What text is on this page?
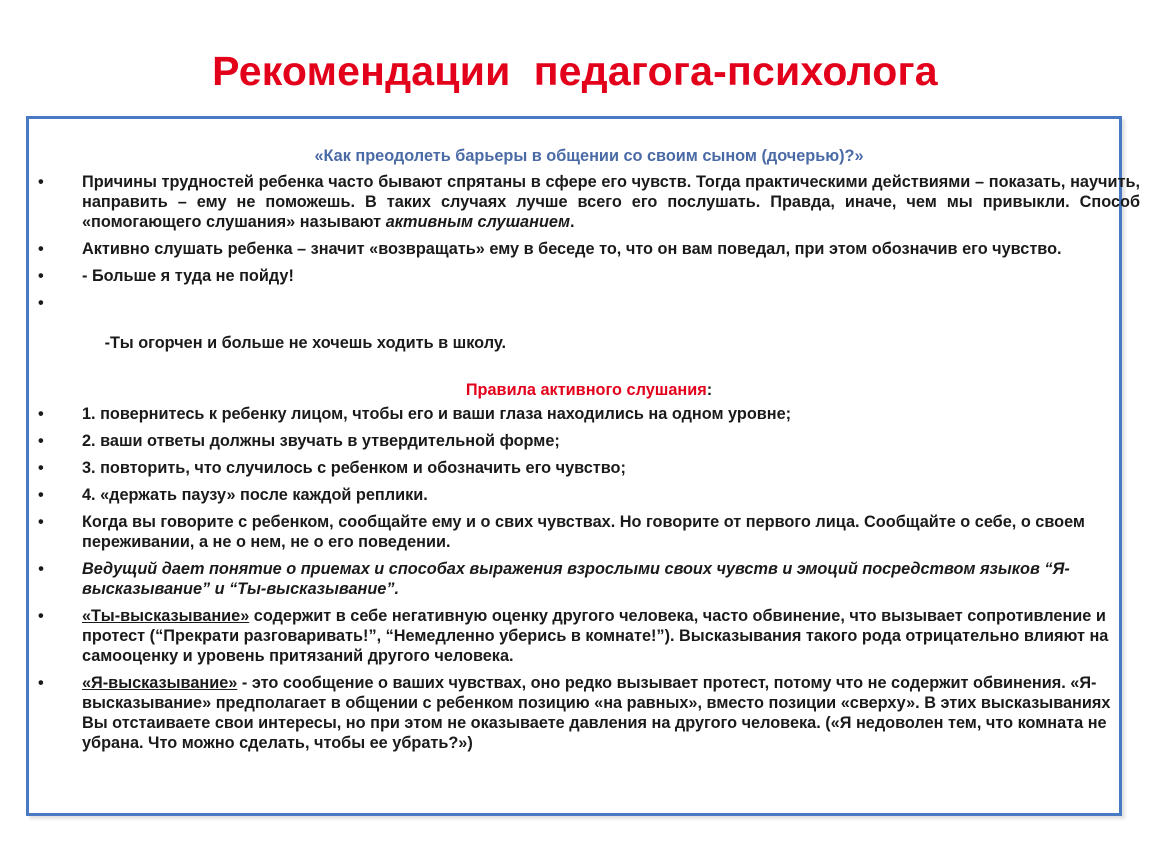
Рекомендации  педагога-психолога
«Как преодолеть барьеры в общении со своим сыном (дочерью)?»
• Причины трудностей ребенка часто бывают спрятаны в сфере его чувств. Тогда практическими действиями – показать, научить, направить – ему не поможешь. В таких случаях лучше всего его послушать. Правда, иначе, чем мы привыкли. Способ «помогающего слушания» называют активным слушанием.
• Активно слушать ребенка – значит «возвращать» ему в беседе то, что он вам поведал, при этом обозначив его чувство.
• - Больше я туда не пойду!

•

-Ты огорчен и больше не хочешь ходить в школу.

Правила активного слушания:
• 1. повернитесь к ребенку лицом, чтобы его и ваши глаза находились на одном уровне;
• 2. ваши ответы должны звучать в утвердительной форме;
• 3. повторить, что случилось с ребенком и обозначить его чувство;
• 4. «держать паузу» после каждой реплики.
• Когда вы говорите с ребенком, сообщайте ему и о свих чувствах. Но говорите от первого лица. Сообщайте о себе, о своем переживании, а не о нем, не о его поведении.
• Ведущий дает понятие о приемах и способах выражения взрослыми своих чувств и эмоций посредством языков “Я-высказывание” и “Ты-высказывание”.
• «Ты-высказывание» содержит в себе негативную оценку другого человека, часто обвинение, что вызывает сопротивление и протест (“Прекрати разговаривать!”, “Немедленно уберись в комнате!”). Высказывания такого рода отрицательно влияют на самооценку и уровень притязаний другого человека.
• «Я-высказывание» - это сообщение о ваших чувствах, оно редко вызывает протест, потому что не содержит обвинения. «Я-высказывание» предполагает в общении с ребенком позицию «на равных», вместо позиции «сверху». В этих высказываниях Вы отстаиваете свои интересы, но при этом не оказываете давления на другого человека. («Я недоволен тем, что комната не убрана. Что можно сделать, чтобы ее убрать?»)
